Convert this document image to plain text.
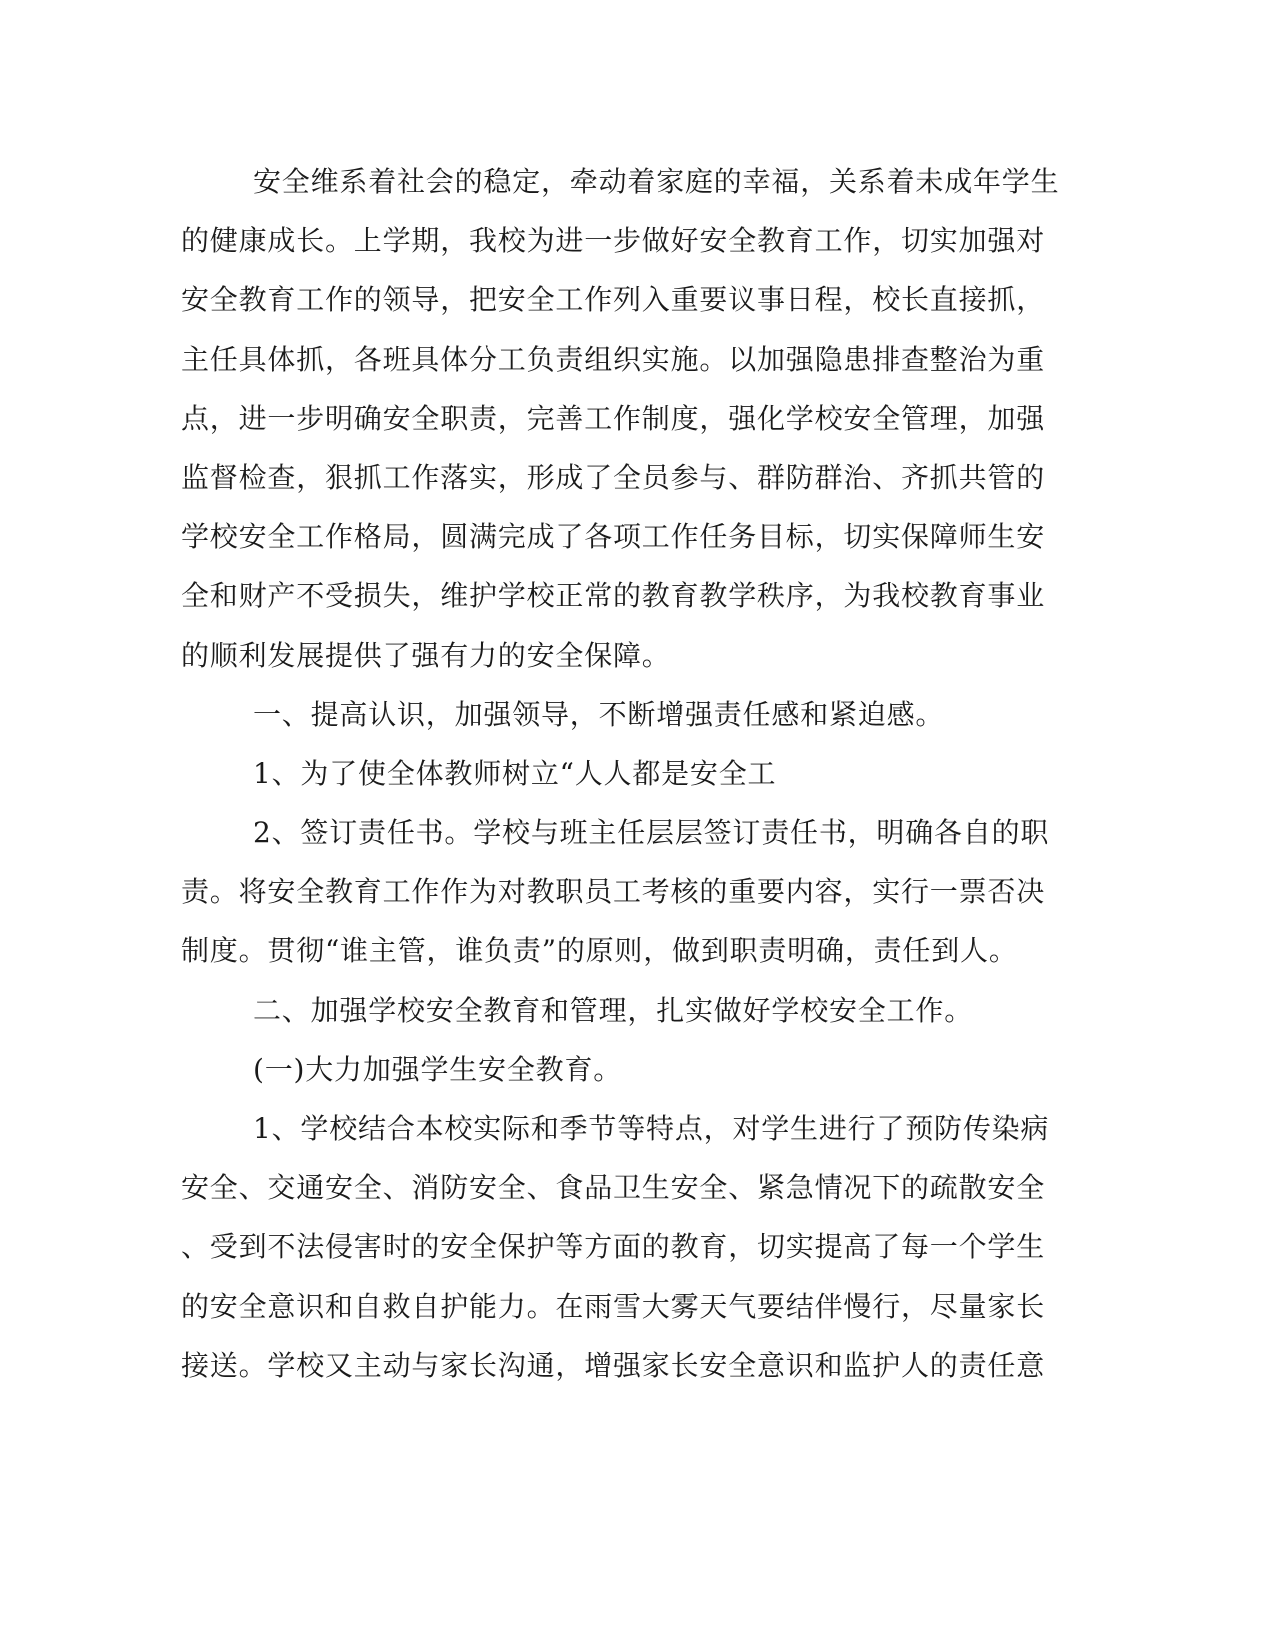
安全维系着社会的稳定，牵动着家庭的幸福，关系着未成年学生
的健康成长。上学期，我校为进一步做好安全教育工作，切实加强对
安全教育工作的领导，把安全工作列入重要议事日程，校长直接抓，
主任具体抓，各班具体分工负责组织实施。以加强隐患排查整治为重
点，进一步明确安全职责，完善工作制度，强化学校安全管理，加强
监督检查，狠抓工作落实，形成了全员参与、群防群治、齐抓共管的
学校安全工作格局，圆满完成了各项工作任务目标，切实保障师生安
全和财产不受损失，维护学校正常的教育教学秩序，为我校教育事业
的顺利发展提供了强有力的安全保障。
一、提高认识，加强领导，不断增强责任感和紧迫感。
1、为了使全体教师树立“人人都是安全工
2、签订责任书。学校与班主任层层签订责任书，明确各自的职
责。将安全教育工作作为对教职员工考核的重要内容，实行一票否决
制度。贯彻“谁主管，谁负责”的原则，做到职责明确，责任到人。
二、加强学校安全教育和管理，扎实做好学校安全工作。
(一)大力加强学生安全教育。
1、学校结合本校实际和季节等特点，对学生进行了预防传染病
安全、交通安全、消防安全、食品卫生安全、紧急情况下的疏散安全
、受到不法侵害时的安全保护等方面的教育，切实提高了每一个学生
的安全意识和自救自护能力。在雨雪大雾天气要结伴慢行，尽量家长
接送。学校又主动与家长沟通，增强家长安全意识和监护人的责任意
